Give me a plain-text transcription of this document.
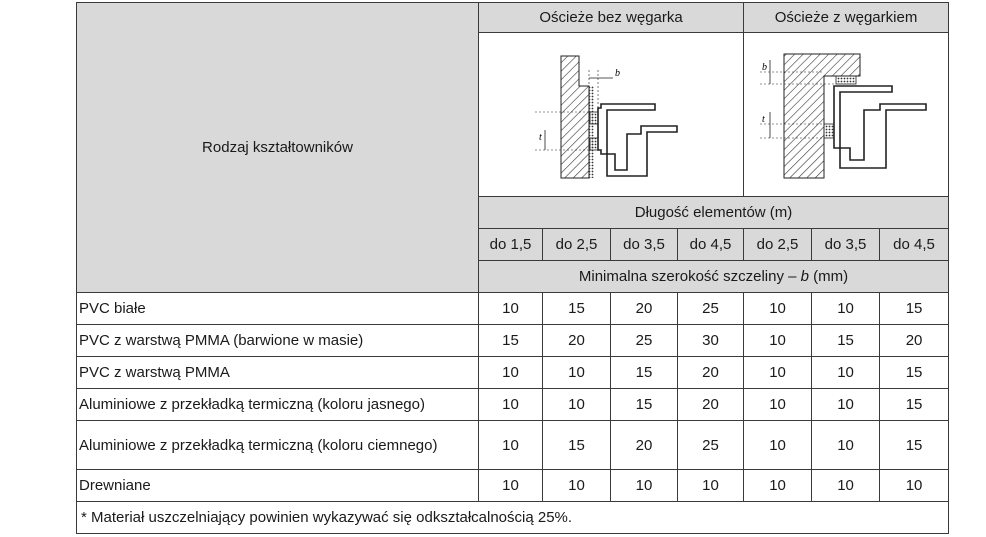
Rodzaj kształtowników	Ościeże bez węgarka				Ościeże z węgarkiem		

b
t				b
t		

	Długość elementów (m)						
	do 1,5	do 2,5	do 3,5	do 4,5	do 2,5	do 3,5	do 4,5
	Minimalna szerokość szczeliny – b (mm)						
PVC białe	10	15	20	25	10	10	15
PVC z warstwą PMMA (barwione w masie)	15	20	25	30	10	15	20
PVC z warstwą PMMA	10	10	15	20	10	10	15
Aluminiowe z przekładką termiczną (koloru jasnego)	10	10	15	20	10	10	15
Aluminiowe z przekładką termiczną (koloru ciemnego)	10	15	20	25	10	10	15
Drewniane	10	10	10	10	10	10	10
* Materiał uszczelniający powinien wykazywać się odkształcalnością 25%.							
